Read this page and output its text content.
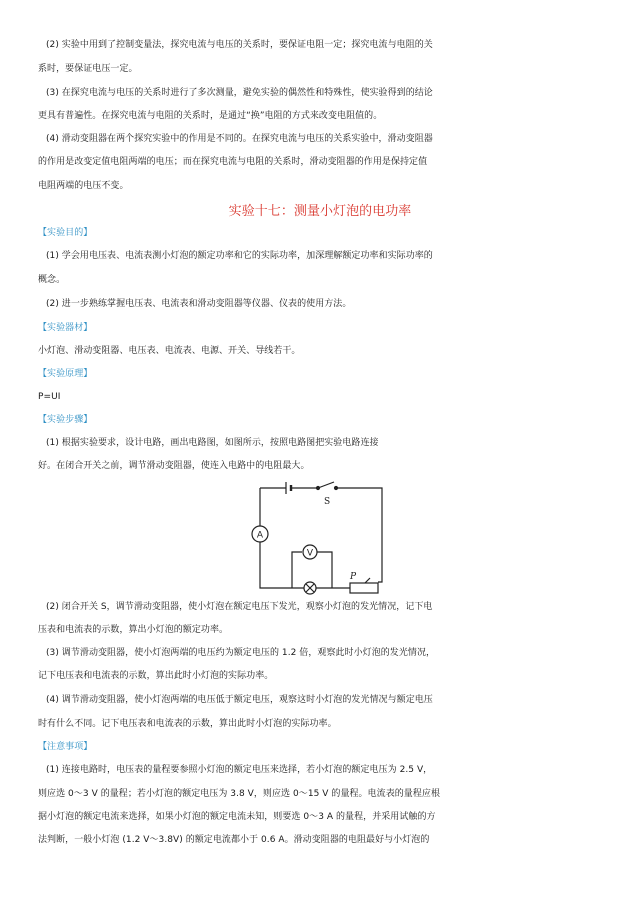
(2) 实验中用到了控制变量法，探究电流与电压的关系时，要保证电阻一定；探究电流与电阻的关
系时，要保证电压一定。
(3) 在探究电流与电压的关系时进行了多次测量，避免实验的偶然性和特殊性，使实验得到的结论
更具有普遍性。在探究电流与电阻的关系时，是通过“换”电阻的方式来改变电阻值的。
(4) 滑动变阻器在两个探究实验中的作用是不同的。在探究电流与电压的关系实验中，滑动变阻器
的作用是改变定值电阻两端的电压；而在探究电流与电阻的关系时，滑动变阻器的作用是保持定值
电阻两端的电压不变。
实验十七：测量小灯泡的电功率
【实验目的】
(1) 学会用电压表、电流表测小灯泡的额定功率和它的实际功率，加深理解额定功率和实际功率的
概念。
(2) 进一步熟练掌握电压表、电流表和滑动变阻器等仪器、仪表的使用方法。
【实验器材】
小灯泡、滑动变阻器、电压表、电流表、电源、开关、导线若干。
【实验原理】
P=UI
【实验步骤】
(1) 根据实验要求，设计电路，画出电路图，如图所示，按照电路图把实验电路连接
好。在闭合开关之前，调节滑动变阻器，使连入电路中的电阻最大。
S
A
V
P
(2) 闭合开关 S，调节滑动变阻器，使小灯泡在额定电压下发光，观察小灯泡的发光情况，记下电
压表和电流表的示数，算出小灯泡的额定功率。
(3) 调节滑动变阻器，使小灯泡两端的电压约为额定电压的 1.2 倍，观察此时小灯泡的发光情况，
记下电压表和电流表的示数，算出此时小灯泡的实际功率。
(4) 调节滑动变阻器，使小灯泡两端的电压低于额定电压，观察这时小灯泡的发光情况与额定电压
时有什么不同。记下电压表和电流表的示数，算出此时小灯泡的实际功率。
【注意事项】
(1) 连接电路时，电压表的量程要参照小灯泡的额定电压来选择，若小灯泡的额定电压为 2.5 V，
则应选 0～3 V 的量程；若小灯泡的额定电压为 3.8 V，则应选 0～15 V 的量程。电流表的量程应根
据小灯泡的额定电流来选择，如果小灯泡的额定电流未知，则要选 0～3 A 的量程，并采用试触的方
法判断，一般小灯泡 (1.2 V～3.8V) 的额定电流都小于 0.6 A。滑动变阻器的电阻最好与小灯泡的
